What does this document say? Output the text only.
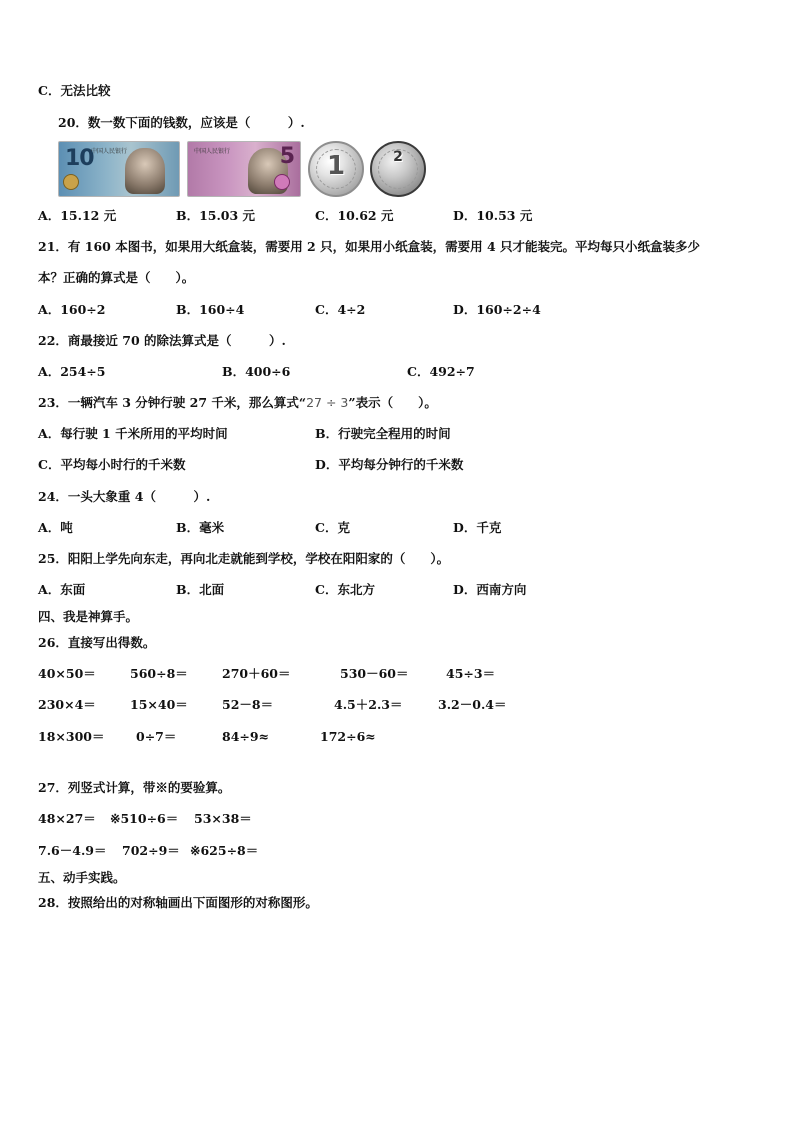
C．无法比较
20．数一数下面的钱数，应该是（　　　）.
10
中国人民银行	中国人民银行 5	1	2
A．15.12 元	B．15.03 元	C．10.62 元	D．10.53 元
21．有 160 本图书，如果用大纸盒装，需要用 2 只，如果用小纸盒装，需要用 4 只才能装完。平均每只小纸盒装多少
本？正确的算式是（　　）。
A．160÷2	B．160÷4	C．4÷2	D．160÷2÷4
22．商最接近 70 的除法算式是（　　　）.
A．254÷5	B．400÷6	C．492÷7
23．一辆汽车 3 分钟行驶 27 千米，那么算式“27 ÷ 3”表示（　　）。
A．每行驶 1 千米所用的平均时间	B．行驶完全程用的时间
C．平均每小时行的千米数	D．平均每分钟行的千米数
24．一头大象重 4（　　　）.
A．吨	B．毫米	C．克	D．千克
25．阳阳上学先向东走，再向北走就能到学校，学校在阳阳家的（　　）。
A．东面	B．北面	C．东北方	D．西南方向
四、我是神算手。
26．直接写出得数。
40×50＝	560÷8＝	270＋60＝	530－60＝	45÷3＝
230×4＝	15×40＝	52－8＝	4.5＋2.3＝	3.2－0.4＝
18×300＝	0÷7＝	84÷9≈	172÷6≈
27．列竖式计算，带※的要验算。
48×27＝ ※510÷6＝ 53×38＝
7.6－4.9＝ 702÷9＝ ※625÷8＝
五、动手实践。
28．按照给出的对称轴画出下面图形的对称图形。
